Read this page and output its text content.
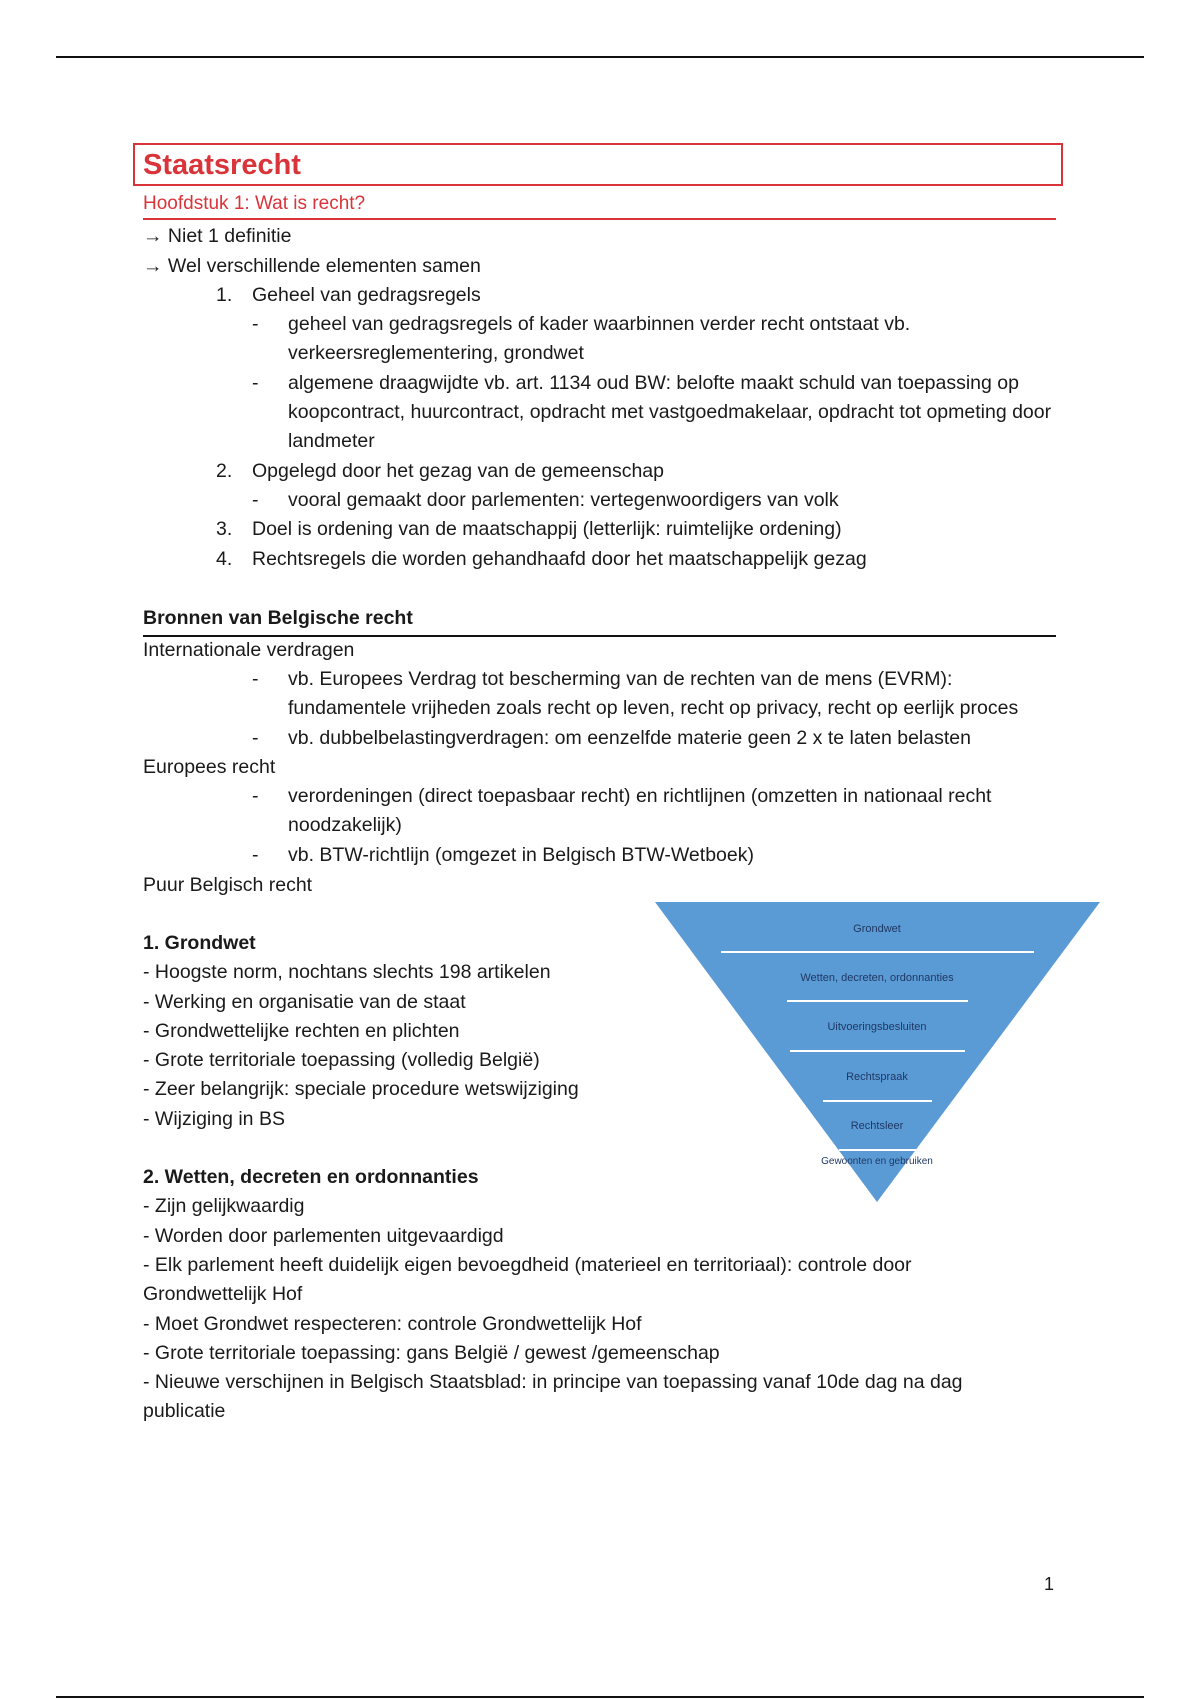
Staatsrecht
Hoofdstuk 1: Wat is recht?
→ Niet 1 definitie
→ Wel verschillende elementen samen
1. Geheel van gedragsregels
- geheel van gedragsregels of kader waarbinnen verder recht ontstaat vb. verkeersreglementering, grondwet
- algemene draagwijdte vb. art. 1134 oud BW: belofte maakt schuld van toepassing op koopcontract, huurcontract, opdracht met vastgoedmakelaar, opdracht tot opmeting door landmeter
2. Opgelegd door het gezag van de gemeenschap
- vooral gemaakt door parlementen: vertegenwoordigers van volk
3. Doel is ordening van de maatschappij (letterlijk: ruimtelijke ordening)
4. Rechtsregels die worden gehandhaafd door het maatschappelijk gezag
Bronnen van Belgische recht
Internationale verdragen
- vb. Europees Verdrag tot bescherming van de rechten van de mens (EVRM): fundamentele vrijheden zoals recht op leven, recht op privacy, recht op eerlijk proces
- vb. dubbelbelastingverdragen: om eenzelfde materie geen 2 x te laten belasten
Europees recht
- verordeningen (direct toepasbaar recht) en richtlijnen (omzetten in nationaal recht noodzakelijk)
- vb. BTW-richtlijn (omgezet in Belgisch BTW-Wetboek)
Puur Belgisch recht
1. Grondwet
- Hoogste norm, nochtans slechts 198 artikelen
- Werking en organisatie van de staat
- Grondwettelijke rechten en plichten
- Grote territoriale toepassing (volledig België)
- Zeer belangrijk: speciale procedure wetswijziging
- Wijziging in BS
2. Wetten, decreten en ordonnanties
- Zijn gelijkwaardig
- Worden door parlementen uitgevaardigd
- Elk parlement heeft duidelijk eigen bevoegdheid (materieel en territoriaal): controle door Grondwettelijk Hof
- Moet Grondwet respecteren: controle Grondwettelijk Hof
- Grote territoriale toepassing: gans België / gewest /gemeenschap
- Nieuwe verschijnen in Belgisch Staatsblad: in principe van toepassing vanaf 10de dag na dag publicatie
Grondwet
Wetten, decreten, ordonnanties
Uitvoeringsbesluiten
Rechtspraak
Rechtsleer
Gewoonten en gebruiken
1
